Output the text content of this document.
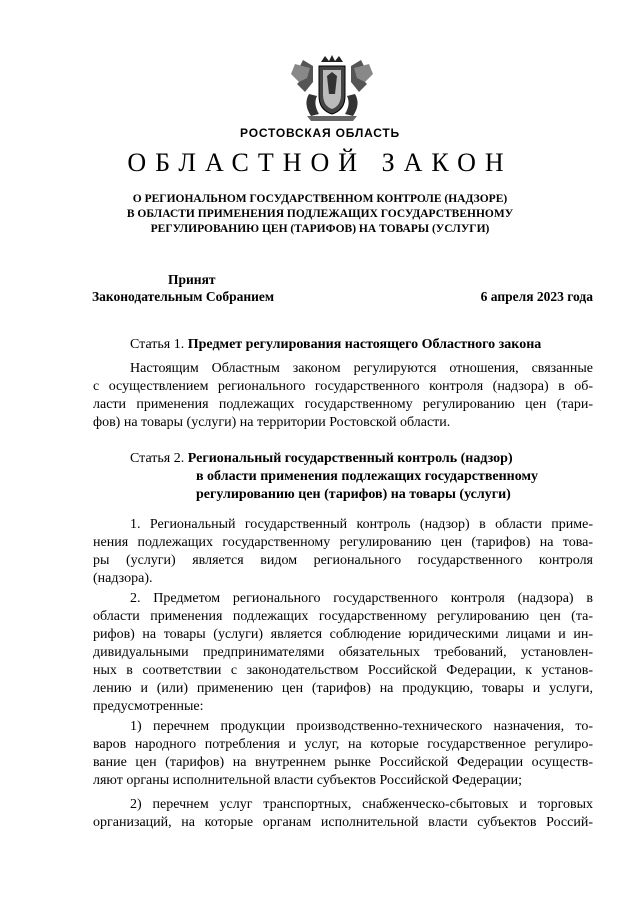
РОСТОВСКАЯ ОБЛАСТЬ
ОБЛАСТНОЙ ЗАКОН
О РЕГИОНАЛЬНОМ ГОСУДАРСТВЕННОМ КОНТРОЛЕ (НАДЗОРЕ)
В ОБЛАСТИ ПРИМЕНЕНИЯ ПОДЛЕЖАЩИХ ГОСУДАРСТВЕННОМУ
РЕГУЛИРОВАНИЮ ЦЕН (ТАРИФОВ) НА ТОВАРЫ (УСЛУГИ)
Принят
Законодательным Собранием	6 апреля 2023 года
Статья 1. Предмет регулирования настоящего Областного закона
Настоящим Областным законом регулируются отношения, связанные
с осуществлением регионального государственного контроля (надзора) в об-
ласти применения подлежащих государственному регулированию цен (тари-
фов) на товары (услуги) на территории Ростовской области.
Статья 2. Региональный государственный контроль (надзор)
в области применения подлежащих государственному
регулированию цен (тарифов) на товары (услуги)
1. Региональный государственный контроль (надзор) в области приме-
нения подлежащих государственному регулированию цен (тарифов) на това-
ры (услуги) является видом регионального государственного контроля
(надзора).
2. Предметом регионального государственного контроля (надзора) в
области применения подлежащих государственному регулированию цен (та-
рифов) на товары (услуги) является соблюдение юридическими лицами и ин-
дивидуальными предпринимателями обязательных требований, установлен-
ных в соответствии с законодательством Российской Федерации, к установ-
лению и (или) применению цен (тарифов) на продукцию, товары и услуги,
предусмотренные:
1) перечнем продукции производственно-технического назначения, то-
варов народного потребления и услуг, на которые государственное регулиро-
вание цен (тарифов) на внутреннем рынке Российской Федерации осуществ-
ляют органы исполнительной власти субъектов Российской Федерации;
2) перечнем услуг транспортных, снабженческо-сбытовых и торговых
организаций, на которые органам исполнительной власти субъектов Россий-
